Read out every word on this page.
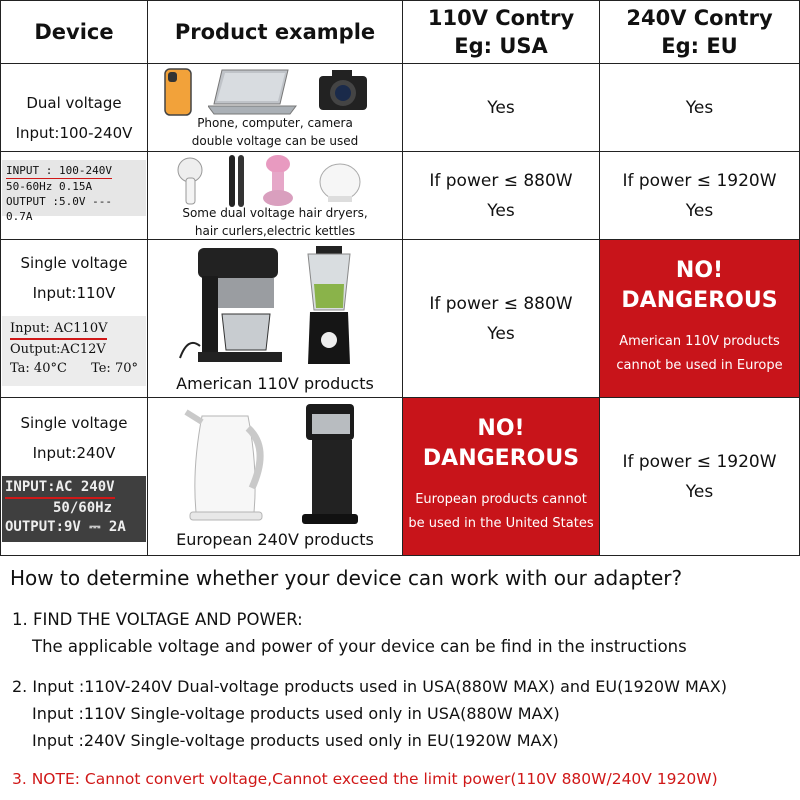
Device	Product example
110V Contry
Eg: USA
240V Contry
Eg: EU
Dual voltage
Input:100-240V
INPUT : 100-240V
50-60Hz 0.15A
OUTPUT :5.0V --- 0.7A
Phone, computer, camera
double voltage can be used
Some dual voltage hair dryers,
hair curlers,electric kettles
Yes	Yes
If power ≤ 880W
Yes
If power ≤ 1920W
Yes
Single voltage
Input:110V
Input: AC110V
Output:AC12V
Ta: 40°C Te: 70°
American 110V products
If power ≤ 880W
Yes
NO!
DANGEROUS
American 110V products
cannot be used in Europe
Single voltage
Input:240V
INPUT:AC 240V
50/60Hz
OUTPUT:9V ⎓ 2A
European 240V products
NO!
DANGEROUS
European products cannot
be used in the United States
If power ≤ 1920W
Yes
How to determine whether your device can work with our adapter?
1. FIND THE VOLTAGE AND POWER:
The applicable voltage and power of your device can be find in the instructions
2. Input :110V-240V Dual-voltage products used in USA(880W MAX) and EU(1920W MAX)
Input :110V Single-voltage products used only in USA(880W MAX)
Input :240V Single-voltage products used only in EU(1920W MAX)
3. NOTE: Cannot convert voltage,Cannot exceed the limit power(110V 880W/240V 1920W)
